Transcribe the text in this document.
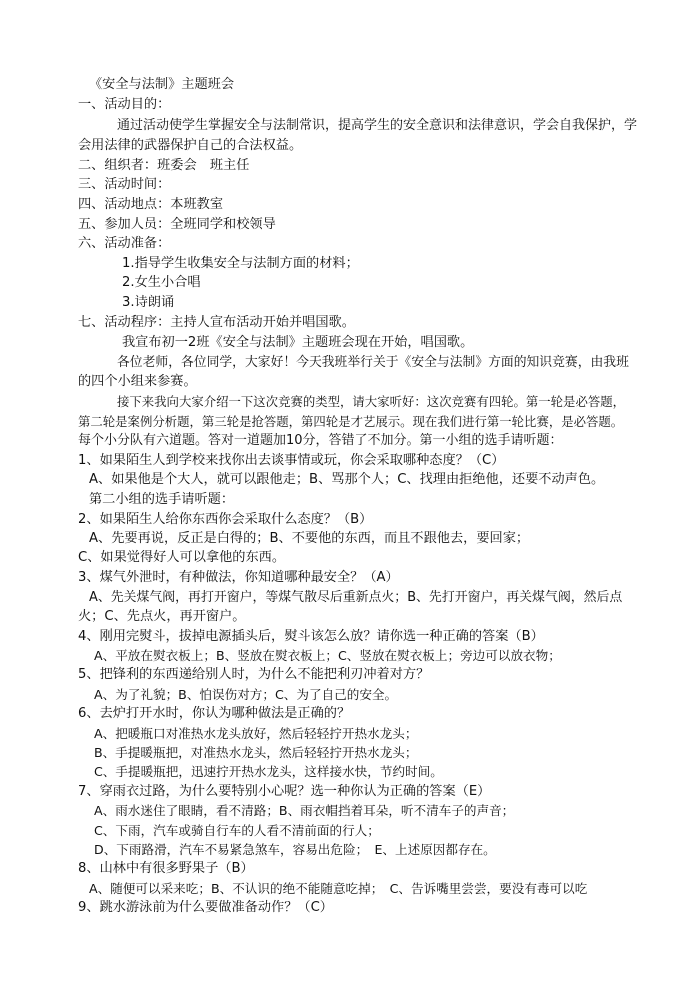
《安全与法制》主题班会
一、活动目的：
通过活动使学生掌握安全与法制常识，提高学生的安全意识和法律意识，学会自我保护，学
会用法律的武器保护自己的合法权益。
二、组织者：班委会　班主任
三、活动时间：
四、活动地点：本班教室
五、参加人员：全班同学和校领导
六、活动准备：
1.指导学生收集安全与法制方面的材料；
2.女生小合唱
3.诗朗诵
七、活动程序：主持人宣布活动开始并唱国歌。
我宣布初一2班《安全与法制》主题班会现在开始，唱国歌。
各位老师，各位同学，大家好！今天我班举行关于《安全与法制》方面的知识竞赛，由我班
的四个小组来参赛。
接下来我向大家介绍一下这次竞赛的类型，请大家听好：这次竞赛有四轮。第一轮是必答题，
第二轮是案例分析题，第三轮是抢答题，第四轮是才艺展示。现在我们进行第一轮比赛，是必答题。
每个小分队有六道题。答对一道题加10分，答错了不加分。第一小组的选手请听题：
1、如果陌生人到学校来找你出去谈事情或玩，你会采取哪种态度？（C）
A、如果他是个大人，就可以跟他走；B、骂那个人；C、找理由拒绝他，还要不动声色。
第二小组的选手请听题：
2、如果陌生人给你东西你会采取什么态度？（B）
A、先要再说，反正是白得的；B、不要他的东西，而且不跟他去，要回家；
C、如果觉得好人可以拿他的东西。
3、煤气外泄时，有种做法，你知道哪种最安全？（A）
A、先关煤气阀，再打开窗户，等煤气散尽后重新点火；B、先打开窗户，再关煤气阀，然后点
火；C、先点火，再开窗户。
4、刚用完熨斗，拔掉电源插头后，熨斗该怎么放？请你选一种正确的答案（B）
A、平放在熨衣板上；B、竖放在熨衣板上；C、竖放在熨衣板上；旁边可以放衣物；
5、把锋利的东西递给别人时，为什么不能把利刃冲着对方？
A、为了礼貌；B、怕误伤对方；C、为了自己的安全。
6、去炉打开水时，你认为哪种做法是正确的？
A、把暖瓶口对准热水龙头放好，然后轻轻拧开热水龙头；
B、手提暖瓶把，对准热水龙头，然后轻轻拧开热水龙头；
C、手提暖瓶把，迅速拧开热水龙头，这样接水快，节约时间。
7、穿雨衣过路，为什么要特别小心呢？选一种你认为正确的答案（E）
A、雨水迷住了眼睛，看不清路；B、雨衣帽挡着耳朵，听不清车子的声音；
C、下雨，汽车或骑自行车的人看不清前面的行人；
D、下雨路滑，汽车不易紧急煞车，容易出危险；　E、上述原因都存在。
8、山林中有很多野果子（B）
A、随便可以采来吃；B、不认识的绝不能随意吃掉；　C、告诉嘴里尝尝，要没有毒可以吃
9、跳水游泳前为什么要做准备动作？（C）
